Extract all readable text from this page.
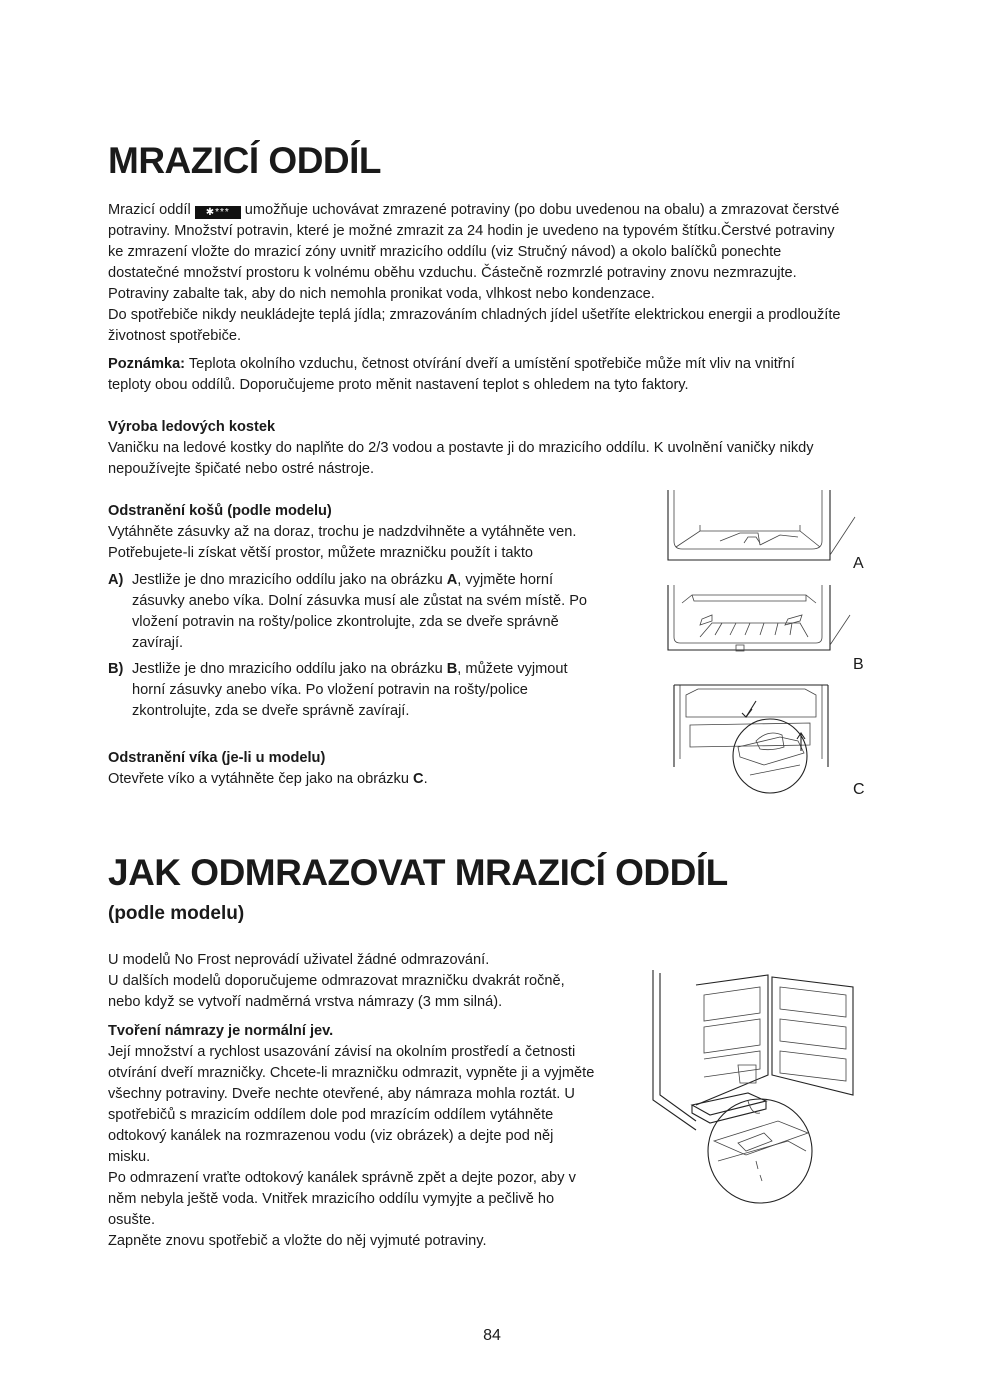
MRAZICÍ ODDÍL
Mrazicí oddíl ✱*** umožňuje uchovávat zmrazené potraviny (po dobu uvedenou na obalu) a zmrazovat čerstvé
potraviny. Množství potravin, které je možné zmrazit za 24 hodin je uvedeno na typovém štítku.Čerstvé potraviny
ke zmrazení vložte do mrazicí zóny uvnitř mrazicího oddílu (viz Stručný návod) a okolo balíčků ponechte
dostatečné množství prostoru k volnému oběhu vzduchu. Částečně rozmrzlé potraviny znovu nezmrazujte.
Potraviny zabalte tak, aby do nich nemohla pronikat voda, vlhkost nebo kondenzace.
Do spotřebiče nikdy neukládejte teplá jídla; zmrazováním chladných jídel ušetříte elektrickou energii a prodloužíte
životnost spotřebiče.
Poznámka: Teplota okolního vzduchu, četnost otvírání dveří a umístění spotřebiče může mít vliv na vnitřní
teploty obou oddílů. Doporučujeme proto měnit nastavení teplot s ohledem na tyto faktory.
Výroba ledových kostek
Vaničku na ledové kostky do naplňte do 2/3 vodou a postavte ji do mrazicího oddílu. K uvolnění vaničky nikdy
nepoužívejte špičaté nebo ostré nástroje.
Odstranění košů (podle modelu)
Vytáhněte zásuvky až na doraz, trochu je nadzdvihněte a vytáhněte ven.
Potřebujete-li získat větší prostor, můžete mrazničku použít i takto
A) Jestliže je dno mrazicího oddílu jako na obrázku A, vyjměte horní
zásuvky anebo víka. Dolní zásuvka musí ale zůstat na svém místě. Po
vložení potravin na rošty/police zkontrolujte, zda se dveře správně
zavírají.
B) Jestliže je dno mrazicího oddílu jako na obrázku B, můžete vyjmout
horní zásuvky anebo víka. Po vložení potravin na rošty/police
zkontrolujte, zda se dveře správně zavírají.
Odstranění víka (je-li u modelu)
Otevřete víko a vytáhněte čep jako na obrázku C.
A
B
C
JAK ODMRAZOVAT MRAZICÍ ODDÍL
(podle modelu)
U modelů No Frost neprovádí uživatel žádné odmrazování.
U dalších modelů doporučujeme odmrazovat mrazničku dvakrát ročně,
nebo když se vytvoří nadměrná vrstva námrazy (3 mm silná).
Tvoření námrazy je normální jev.
Její množství a rychlost usazování závisí na okolním prostředí a četnosti
otvírání dveří mrazničky. Chcete-li mrazničku odmrazit, vypněte ji a vyjměte
všechny potraviny. Dveře nechte otevřené, aby námraza mohla roztát. U
spotřebičů s mrazicím oddílem dole pod mrazícím oddílem vytáhněte
odtokový kanálek na rozmrazenou vodu (viz obrázek) a dejte pod něj
misku.
Po odmrazení vraťte odtokový kanálek správně zpět a dejte pozor, aby v
něm nebyla ještě voda. Vnitřek mrazicího oddílu vymyjte a pečlivě ho
osušte.
Zapněte znovu spotřebič a vložte do něj vyjmuté potraviny.
84
